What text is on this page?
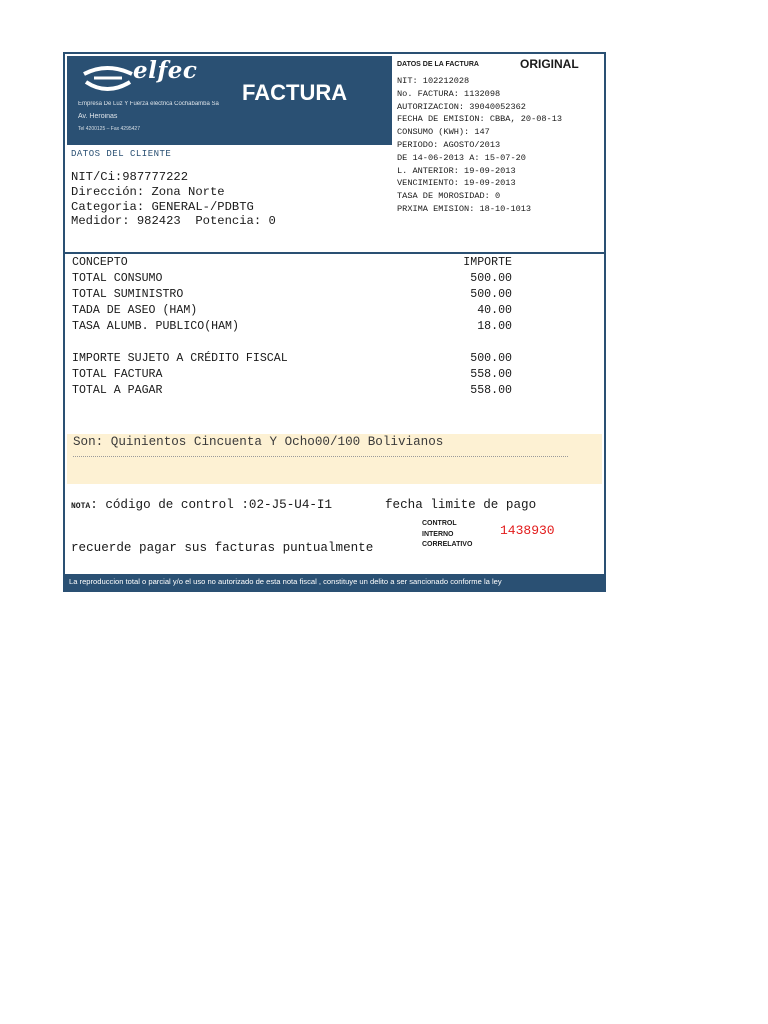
elfec
FACTURA
Empresa De Luz Y Fuerza eléctrica Cochabamba Sa
Av. Heroinas
Tel 4200125 – Fax 4295427
DATOS DEL CLIENTE
NIT/Ci:987777222
Dirección: Zona Norte
Categoria: GENERAL-/PDBTG
Medidor: 982423  Potencia: 0
DATOS DE LA FACTURA	ORIGINAL
NIT: 102212028
No. FACTURA: 1132098
AUTORIZACION: 39040052362
FECHA DE EMISION: CBBA, 20-08-13
CONSUMO (KWH): 147
PERIODO: AGOSTO/2013
DE 14-06-2013 A: 15-07-20
L. ANTERIOR: 19-09-2013
VENCIMIENTO: 19-09-2013
TASA DE MOROSIDAD: 0
PRXIMA EMISION: 18-10-1013
CONCEPTO	IMPORTE
TOTAL CONSUMO	500.00
TOTAL SUMINISTRO	500.00
TADA DE ASEO (HAM)	40.00
TASA ALUMB. PUBLICO(HAM)	18.00
IMPORTE SUJETO A CRÉDITO FISCAL	500.00
TOTAL FACTURA	558.00
TOTAL A PAGAR	558.00
Son: Quinientos Cincuenta Y Ocho00/100 Bolivianos
NOTA: código de control :02-J5-U4-I1	fecha limite de pago
CONTROL
INTERNO
CORRELATIVO
1438930
recuerde pagar sus facturas puntualmente
La reproduccion total o parcial y/o el uso no autorizado de esta nota fiscal , constituye un delito a ser sancionado conforme la ley
